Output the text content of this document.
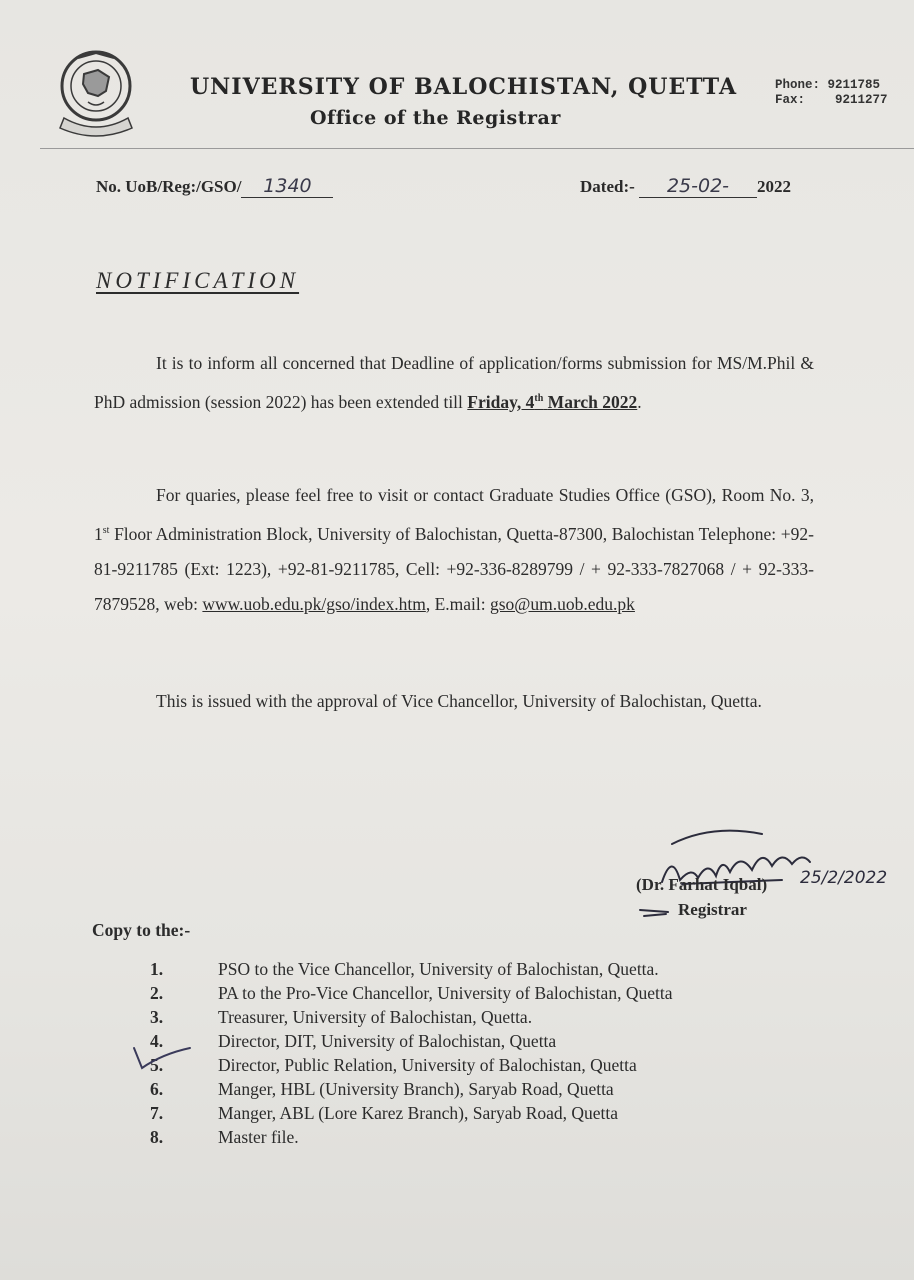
UNIVERSITY OF BALOCHISTAN, QUETTA
Office of the Registrar
Phone: 9211785
Fax: 9211277
No. UoB/Reg:/GSO/ 1340	Dated:- 25-02- 2022
NOTIFICATION
It is to inform all concerned that Deadline of application/forms submission for MS/M.Phil & PhD admission (session 2022) has been extended till Friday, 4th March 2022.
For quaries, please feel free to visit or contact Graduate Studies Office (GSO), Room No. 3, 1st Floor Administration Block, University of Balochistan, Quetta-87300, Balochistan Telephone: +92-81-9211785 (Ext: 1223), +92-81-9211785, Cell: +92-336-8289799 / + 92-333-7827068 / + 92-333-7879528, web: www.uob.edu.pk/gso/index.htm, E.mail: gso@um.uob.edu.pk
This is issued with the approval of Vice Chancellor, University of Balochistan, Quetta.
(Dr. Farhat Iqbal) 25/2/2022
Registrar
Copy to the:-
1.	PSO to the Vice Chancellor, University of Balochistan, Quetta.
2.	PA to the Pro-Vice Chancellor, University of Balochistan, Quetta
3.	Treasurer, University of Balochistan, Quetta.
4.	Director, DIT, University of Balochistan, Quetta
5.	Director, Public Relation, University of Balochistan, Quetta
6.	Manger, HBL (University Branch), Saryab Road, Quetta
7.	Manger, ABL (Lore Karez Branch), Saryab Road, Quetta
8.	Master file.
